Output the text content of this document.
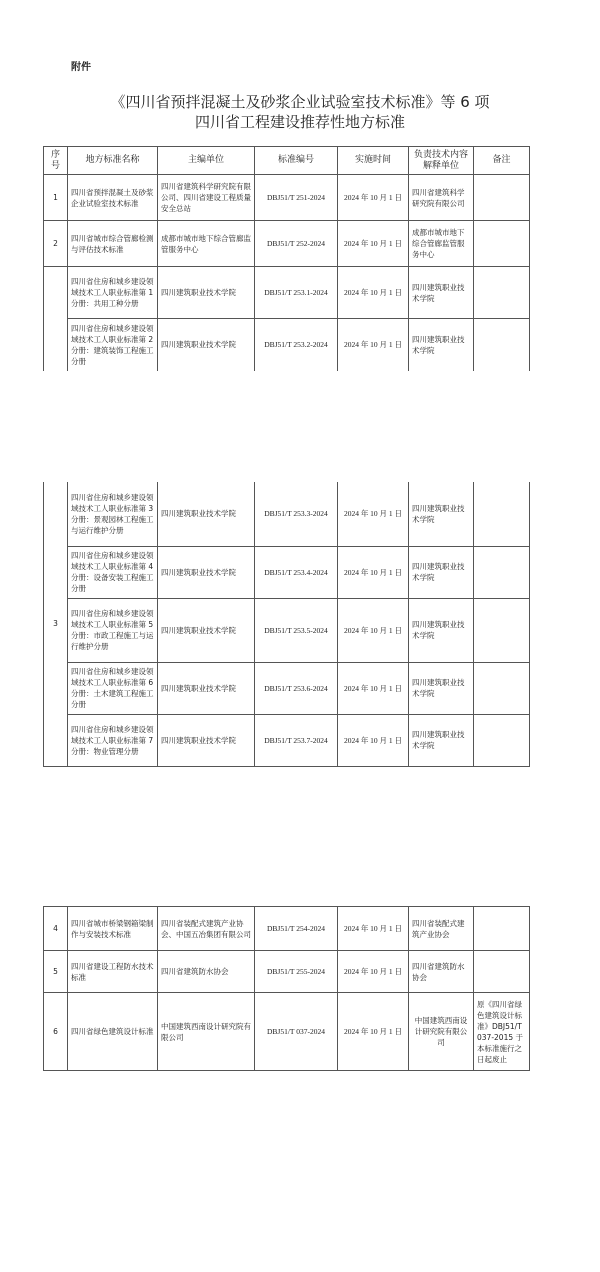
附件
《四川省预拌混凝土及砂浆企业试验室技术标准》等 6 项
四川省工程建设推荐性地方标准
序号	地方标准名称	主编单位	标准编号	实施时间	负责技术内容解释单位	备注
1	四川省预拌混凝土及砂浆企业试验室技术标准	四川省建筑科学研究院有限公司、四川省建设工程质量安全总站	DBJ51/T 251-2024	2024 年 10 月 1 日	四川省建筑科学研究院有限公司	
2	四川省城市综合管廊检测与评估技术标准	成都市城市地下综合管廊监管服务中心	DBJ51/T 252-2024	2024 年 10 月 1 日	成都市城市地下综合管廊监管服务中心	
	四川省住房和城乡建设领域技术工人职业标准第 1 分册：共用工种分册	四川建筑职业技术学院	DBJ51/T 253.1-2024	2024 年 10 月 1 日	四川建筑职业技术学院	
	四川省住房和城乡建设领域技术工人职业标准第 2 分册：建筑装饰工程施工分册	四川建筑职业技术学院	DBJ51/T 253.2-2024	2024 年 10 月 1 日	四川建筑职业技术学院	
3	四川省住房和城乡建设领域技术工人职业标准第 3 分册：景观园林工程施工与运行维护分册	四川建筑职业技术学院	DBJ51/T 253.3-2024	2024 年 10 月 1 日	四川建筑职业技术学院	
	四川省住房和城乡建设领域技术工人职业标准第 4 分册：设备安装工程施工分册	四川建筑职业技术学院	DBJ51/T 253.4-2024	2024 年 10 月 1 日	四川建筑职业技术学院	
	四川省住房和城乡建设领域技术工人职业标准第 5 分册：市政工程施工与运行维护分册	四川建筑职业技术学院	DBJ51/T 253.5-2024	2024 年 10 月 1 日	四川建筑职业技术学院	
	四川省住房和城乡建设领域技术工人职业标准第 6 分册：土木建筑工程施工分册	四川建筑职业技术学院	DBJ51/T 253.6-2024	2024 年 10 月 1 日	四川建筑职业技术学院	
	四川省住房和城乡建设领域技术工人职业标准第 7 分册：物业管理分册	四川建筑职业技术学院	DBJ51/T 253.7-2024	2024 年 10 月 1 日	四川建筑职业技术学院	
4	四川省城市桥梁钢箱梁制作与安装技术标准	四川省装配式建筑产业协会、中国五冶集团有限公司	DBJ51/T 254-2024	2024 年 10 月 1 日	四川省装配式建筑产业协会	
5	四川省建设工程防水技术标准	四川省建筑防水协会	DBJ51/T 255-2024	2024 年 10 月 1 日	四川省建筑防水协会	
6	四川省绿色建筑设计标准	中国建筑西南设计研究院有限公司	DBJ51/T 037-2024	2024 年 10 月 1 日	中国建筑西南设计研究院有限公司	原《四川省绿色建筑设计标准》DBJ51/T 037-2015 于本标准施行之日起废止
